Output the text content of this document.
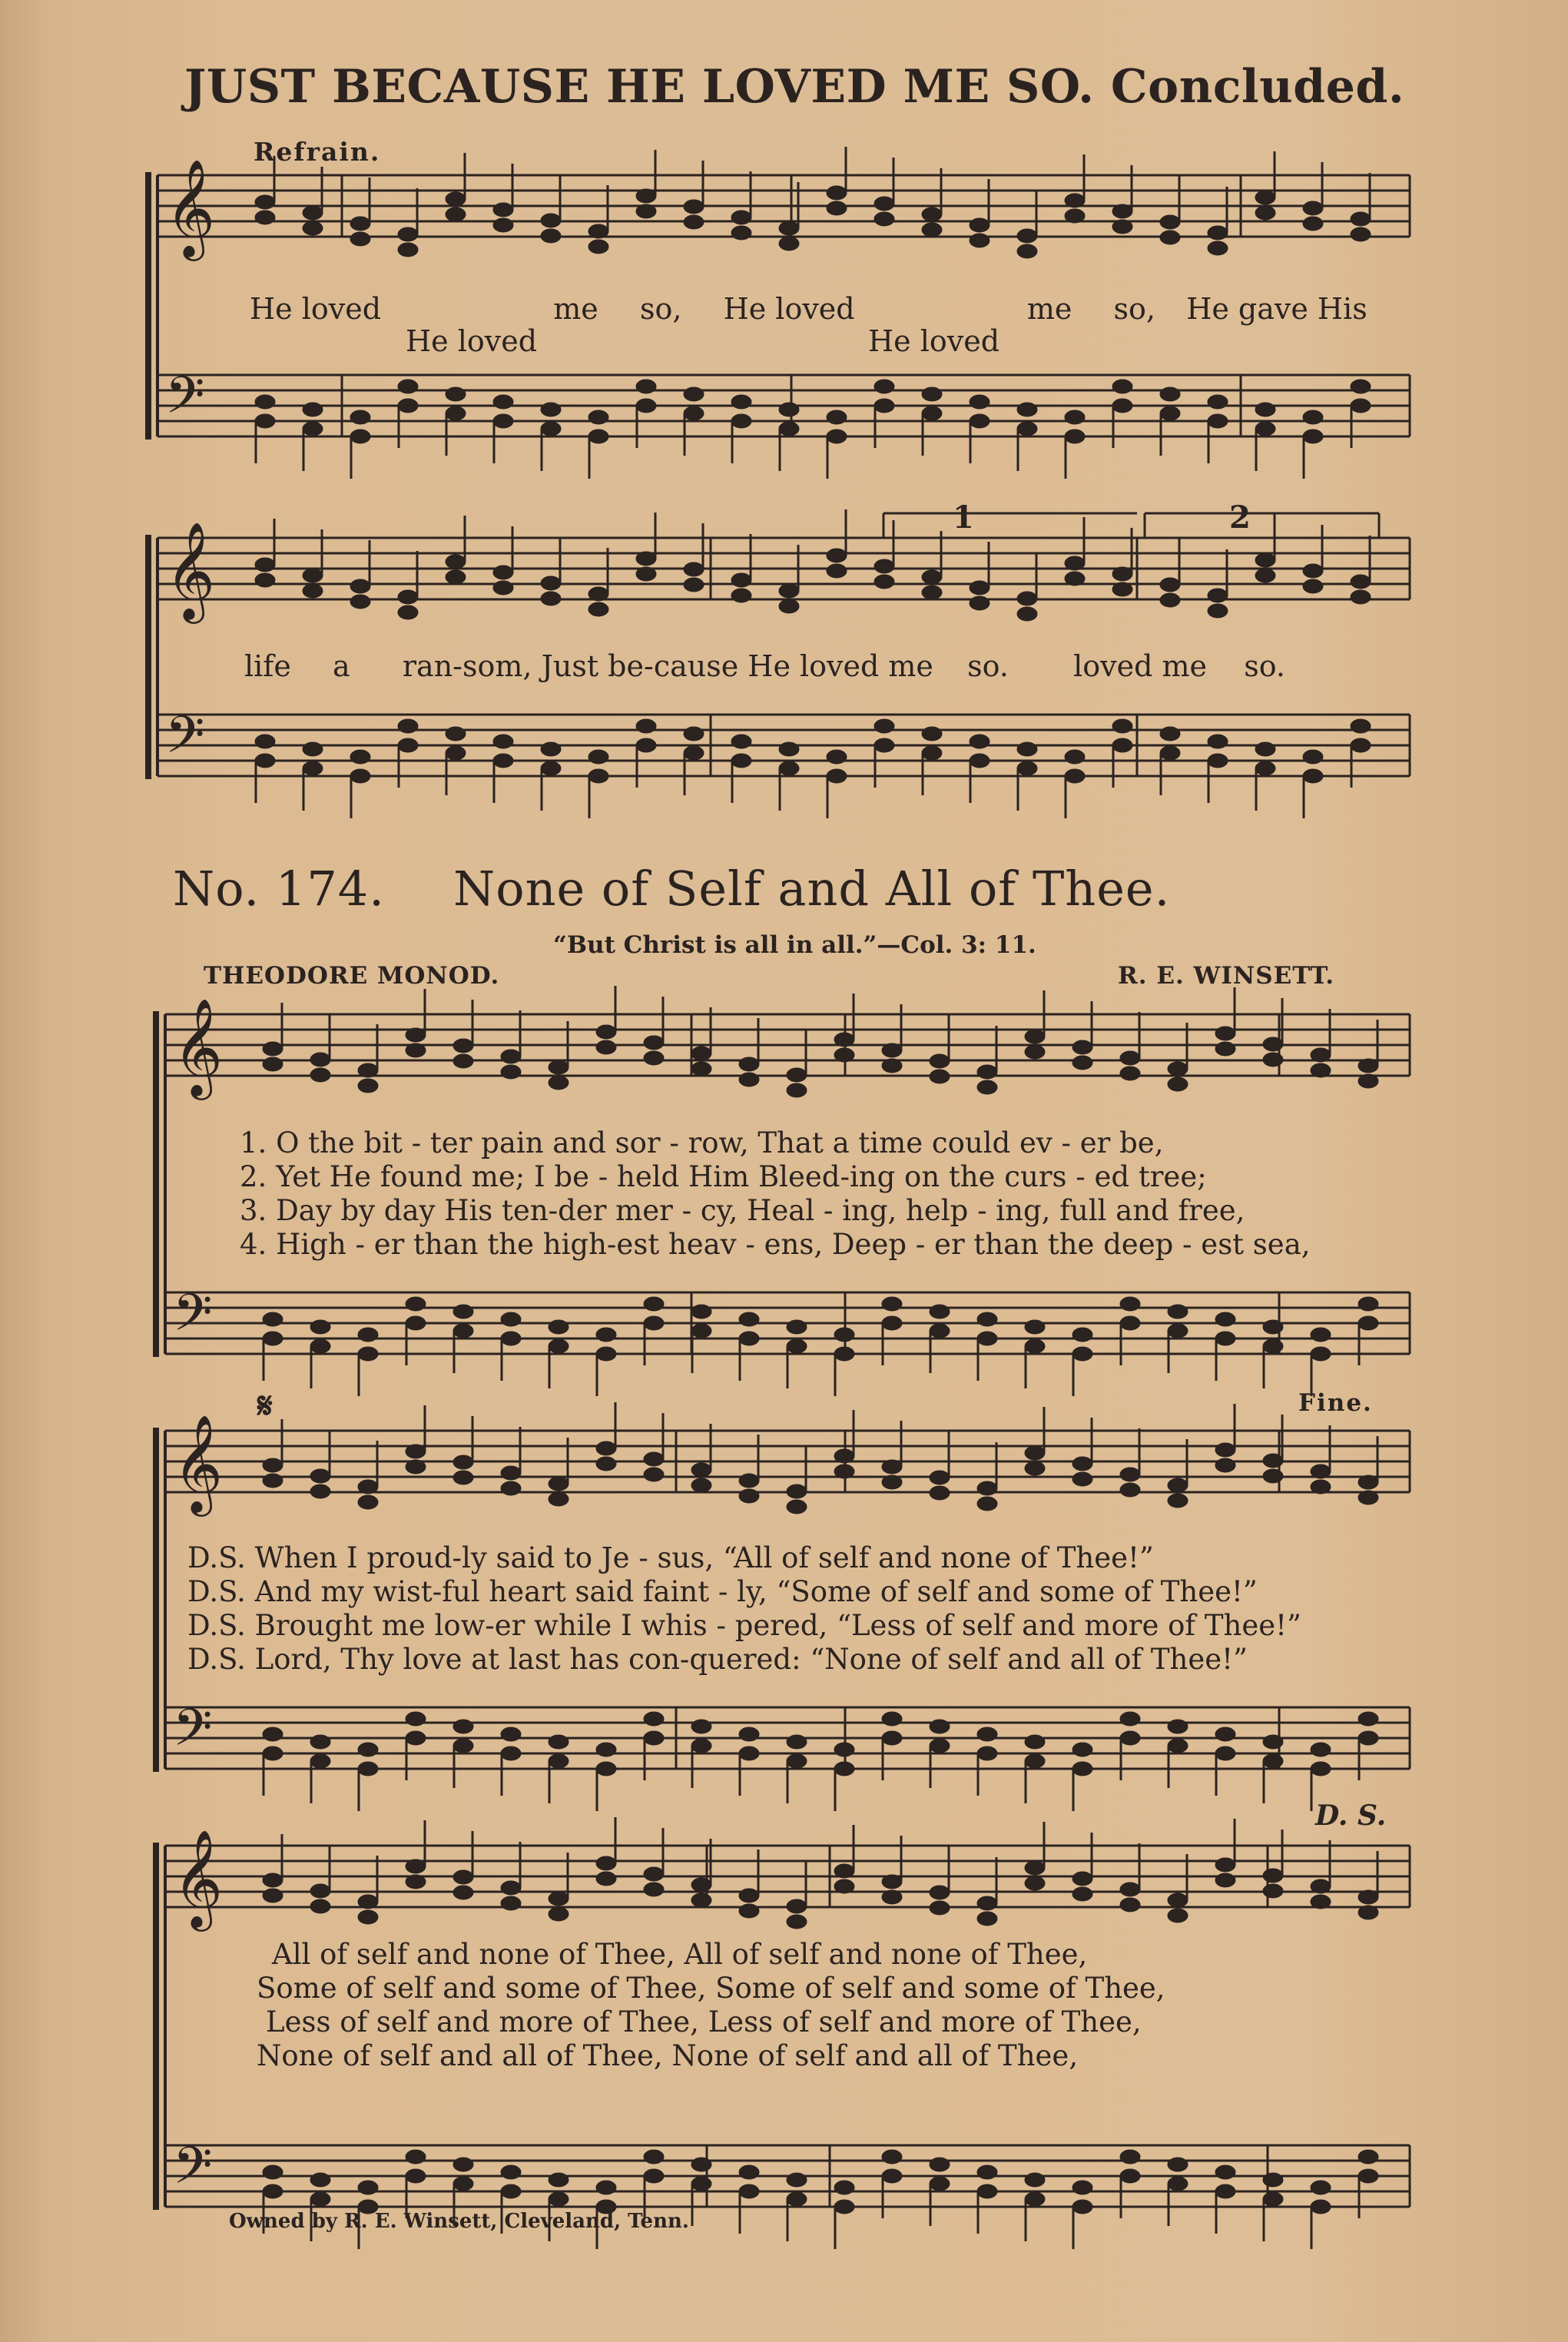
JUST BECAUSE HE LOVED ME SO. Concluded.
Refrain.
𝄞
𝄢
𝄞
𝄢
𝄞
𝄢
𝄞
𝄢
𝄞
𝄢
He loved	me so, He loved	me so, He gave His
He loved	He loved
life a ran-som, Just be-cause He loved me so. loved me so.
1	2
No. 174. None of Self and All of Thee.
“But Christ is all in all.”—Col. 3: 11.
THEODORE MONOD.	R. E. WINSETT.
1. O the bit - ter pain and sor - row, That a time could ev - er be,
2. Yet He found me; I be - held Him Bleed-ing on the curs - ed tree;
3. Day by day His ten-der mer - cy, Heal - ing, help - ing, full and free,
4. High - er than the high-est heav - ens, Deep - er than the deep - est sea,
𝄋	Fine.
D.S. When I proud-ly said to Je - sus, “All of self and none of Thee!”
D.S. And my wist-ful heart said faint - ly, “Some of self and some of Thee!”
D.S. Brought me low-er while I whis - pered, “Less of self and more of Thee!”
D.S. Lord, Thy love at last has con-quered: “None of self and all of Thee!”
D. S.
All of self and none of Thee, All of self and none of Thee,
Some of self and some of Thee, Some of self and some of Thee,
Less of self and more of Thee, Less of self and more of Thee,
None of self and all of Thee, None of self and all of Thee,
Owned by R. E. Winsett, Cleveland, Tenn.
